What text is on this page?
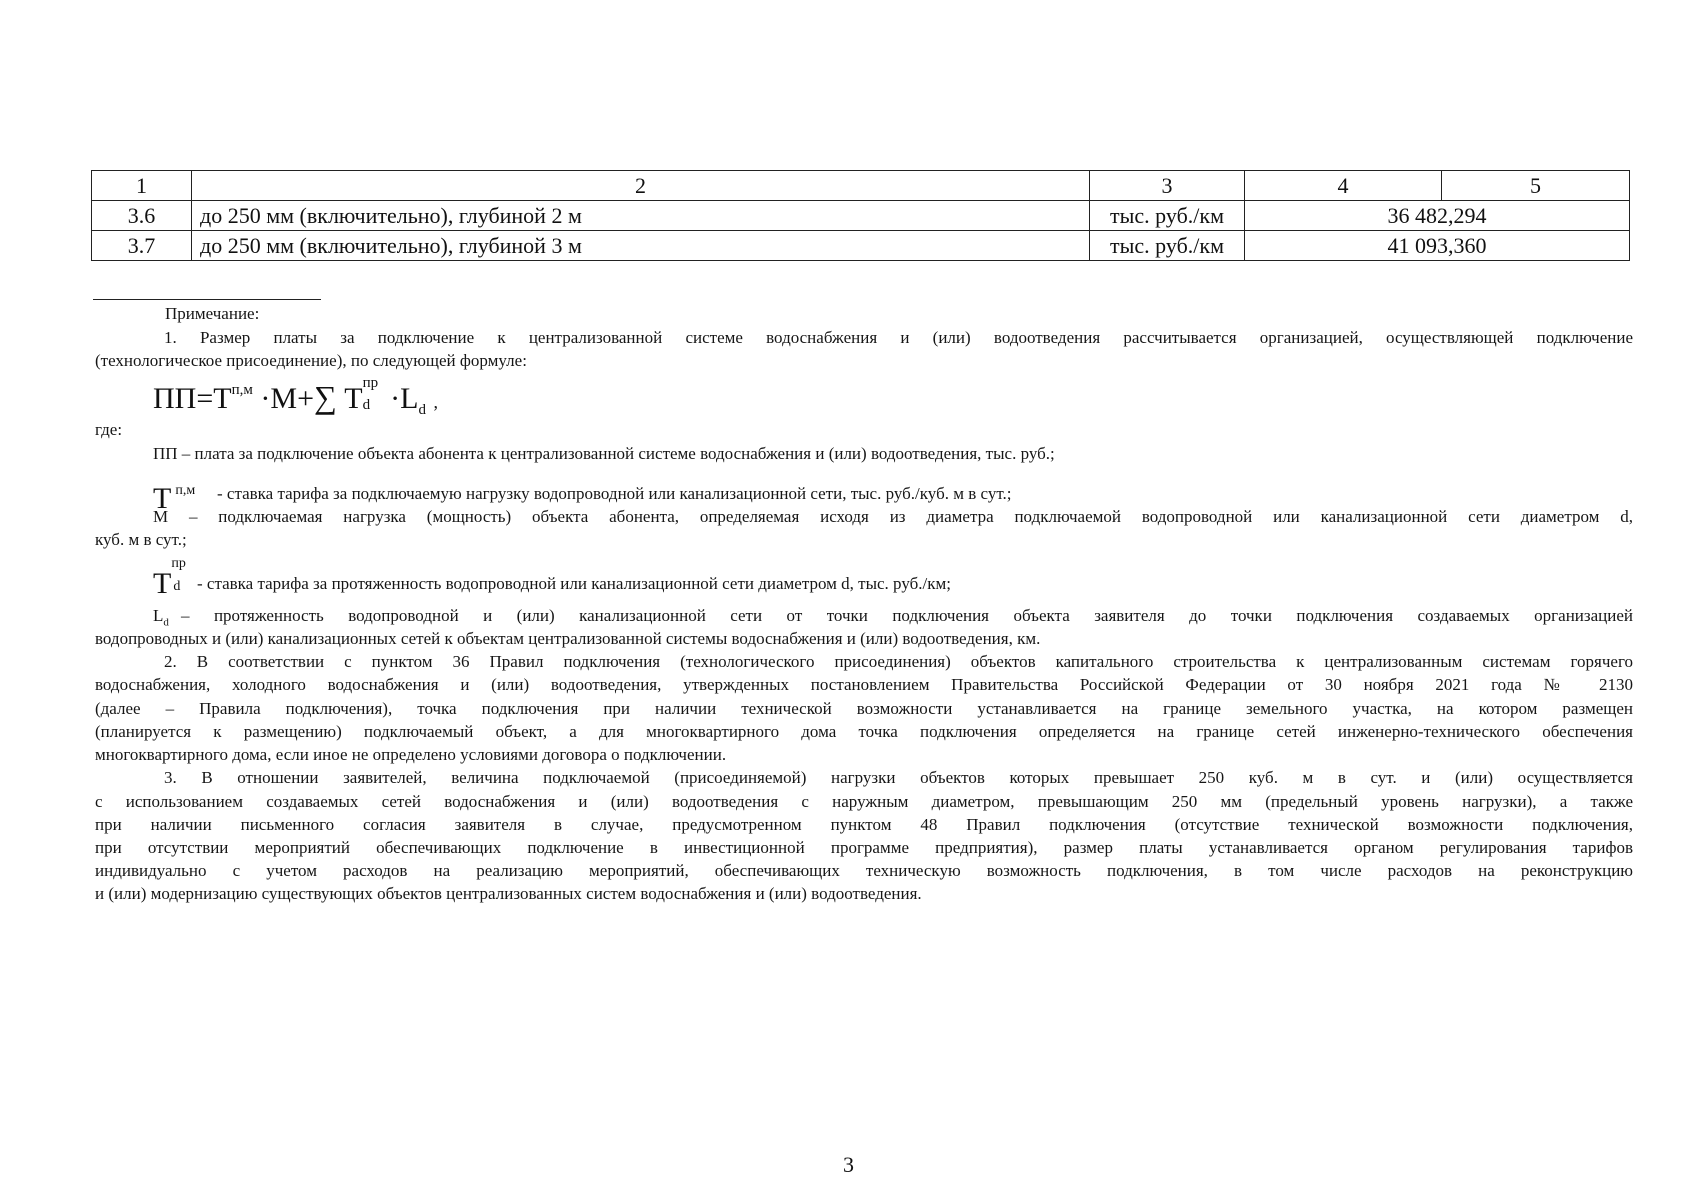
1	2	3	4	5
3.6	до 250 мм (включительно), глубиной 2 м	тыс. руб./км	36 482,294	
3.7	до 250 мм (включительно), глубиной 3 м	тыс. руб./км	41 093,360	
Примечание:
1. Размер платы за подключение к централизованной системе водоснабжения и (или) водоотведения рассчитывается организацией, осуществляющей подключение
(технологическое присоединение), по следующей формуле:
$ПП=Т^{п,м} \cdot М+\sum$ Т пр
$d \cdot L_d$ ,
где:
ПП – плата за подключение объекта абонента к централизованной системе водоснабжения и (или) водоотведения, тыс. руб.;
Т $^{п,м}$ - ставка тарифа за подключаемую нагрузку водопроводной или канализационной сети, тыс. руб./куб. м в сут.;
М – подключаемая нагрузка (мощность) объекта абонента, определяемая исходя из диаметра подключаемой водопроводной или канализационной сети диаметром d,
куб. м в сут.;
Т
пр
d - ставка тарифа за протяженность водопроводной или канализационной сети диаметром d, тыс. руб./км;
$L_d$ – протяженность водопроводной и (или) канализационной сети от точки подключения объекта заявителя до точки подключения создаваемых организацией
водопроводных и (или) канализационных сетей к объектам централизованной системы водоснабжения и (или) водоотведения, км.
2. В соответствии с пунктом 36 Правил подключения (технологического присоединения) объектов капитального строительства к централизованным системам горячего
водоснабжения, холодного водоснабжения и (или) водоотведения, утвержденных постановлением Правительства Российской Федерации от 30 ноября 2021 года № 2130
(далее – Правила подключения), точка подключения при наличии технической возможности устанавливается на границе земельного участка, на котором размещен
(планируется к размещению) подключаемый объект, а для многоквартирного дома точка подключения определяется на границе сетей инженерно-технического обеспечения
многоквартирного дома, если иное не определено условиями договора о подключении.
3. В отношении заявителей, величина подключаемой (присоединяемой) нагрузки объектов которых превышает 250 куб. м в сут. и (или) осуществляется
с использованием создаваемых сетей водоснабжения и (или) водоотведения с наружным диаметром, превышающим 250 мм (предельный уровень нагрузки), а также
при наличии письменного согласия заявителя в случае, предусмотренном пунктом 48 Правил подключения (отсутствие технической возможности подключения,
при отсутствии мероприятий обеспечивающих подключение в инвестиционной программе предприятия), размер платы устанавливается органом регулирования тарифов
индивидуально с учетом расходов на реализацию мероприятий, обеспечивающих техническую возможность подключения, в том числе расходов на реконструкцию
и (или) модернизацию существующих объектов централизованных систем водоснабжения и (или) водоотведения.
3
